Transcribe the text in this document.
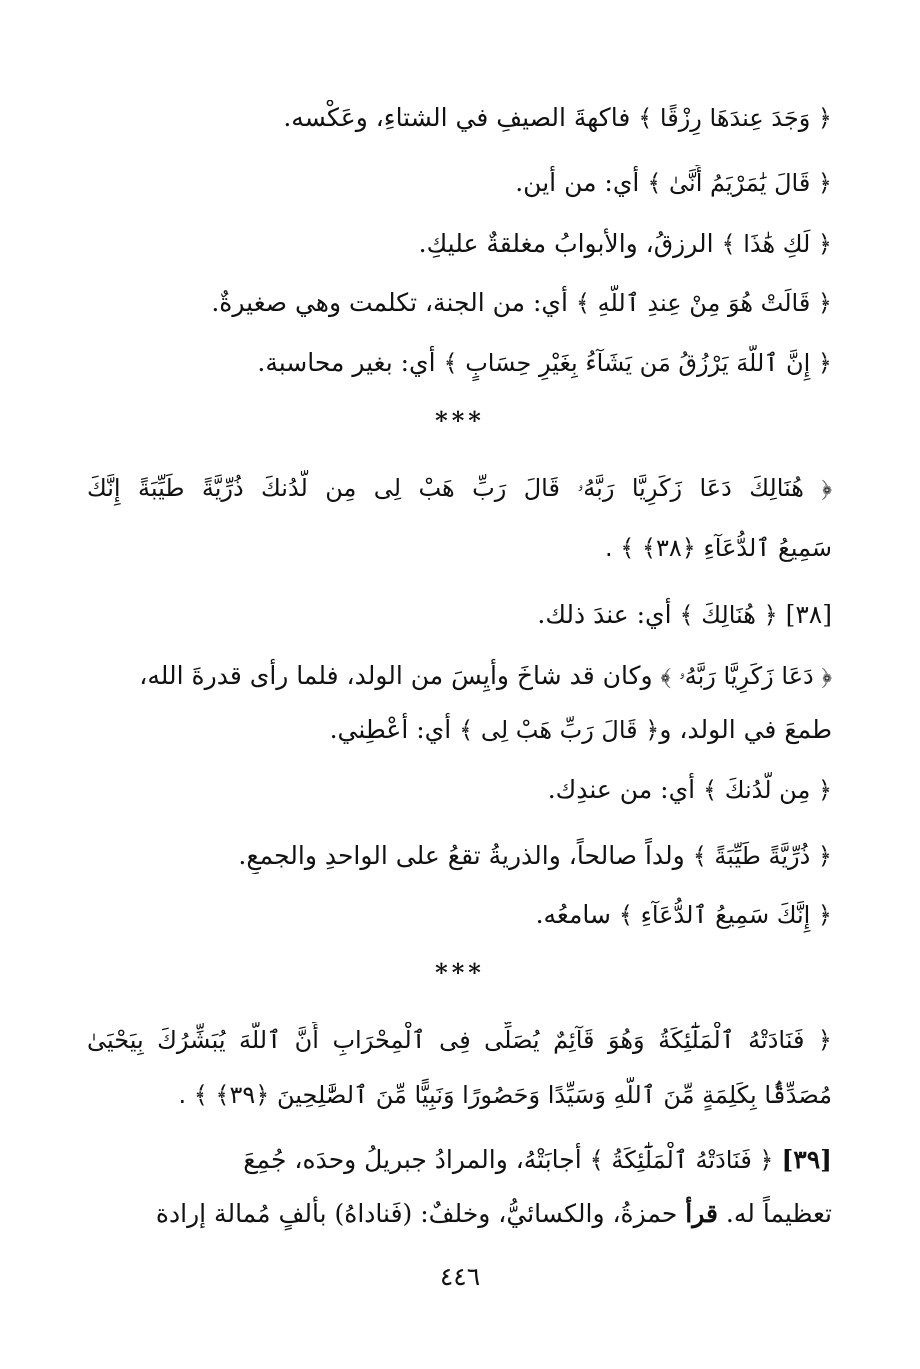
﴿ وَجَدَ عِندَهَا رِزْقًا ﴾ فاكهةَ الصيفِ في الشتاءِ، وعَكْسه.
﴿ قَالَ يَٰمَرْيَمُ أَنَّىٰ ﴾ أي: من أين.
﴿ لَكِ هَٰذَا ﴾ الرزقُ، والأبوابُ مغلقةٌ عليكِ.
﴿ قَالَتْ هُوَ مِنْ عِندِ ٱللَّهِ ﴾ أي: من الجنة، تكلمت وهي صغيرةٌ.
﴿ إِنَّ ٱللَّهَ يَرْزُقُ مَن يَشَآءُ بِغَيْرِ حِسَابٍ ﴾ أي: بغير محاسبة.
***
﴿ هُنَالِكَ دَعَا زَكَرِيَّا رَبَّهُۥ قَالَ رَبِّ هَبْ لِى مِن لَّدُنكَ ذُرِّيَّةً طَيِّبَةً إِنَّكَ
سَمِيعُ ٱلدُّعَآءِ ﴿٣٨﴾ ﴾ .
[٣٨] ﴿ هُنَالِكَ ﴾ أي: عندَ ذلك.
﴿ دَعَا زَكَرِيَّا رَبَّهُۥ ﴾ وكان قد شاخَ وأَيِسَ من الولد، فلما رأى قدرةَ الله،
طمعَ في الولد، و﴿ قَالَ رَبِّ هَبْ لِى ﴾ أي: أَعْطِني.
﴿ مِن لَّدُنكَ ﴾ أي: من عندِك.
﴿ ذُرِّيَّةً طَيِّبَةً ﴾ ولداً صالحاً، والذريةُ تقعُ على الواحدِ والجمعِ.
﴿ إِنَّكَ سَمِيعُ ٱلدُّعَآءِ ﴾ سامعُه.
***
﴿ فَنَادَتْهُ ٱلْمَلَٰٓئِكَةُ وَهُوَ قَآئِمٌ يُصَلِّى فِى ٱلْمِحْرَابِ أَنَّ ٱللَّهَ يُبَشِّرُكَ بِيَحْيَىٰ
مُصَدِّقًۢا بِكَلِمَةٍ مِّنَ ٱللَّهِ وَسَيِّدًا وَحَصُورًا وَنَبِيًّا مِّنَ ٱلصَّٰلِحِينَ ﴿٣٩﴾ ﴾ .
[٣٩] ﴿ فَنَادَتْهُ ٱلْمَلَٰٓئِكَةُ ﴾ أجابَتْهُ، والمرادُ جبريلُ وحدَه، جُمِعَ
تعظيماً له. قرأ حمزةُ، والكسائيُّ، وخلفٌ: (فَناداهُ) بألفٍ مُمالة إرادة
٤٤٦
